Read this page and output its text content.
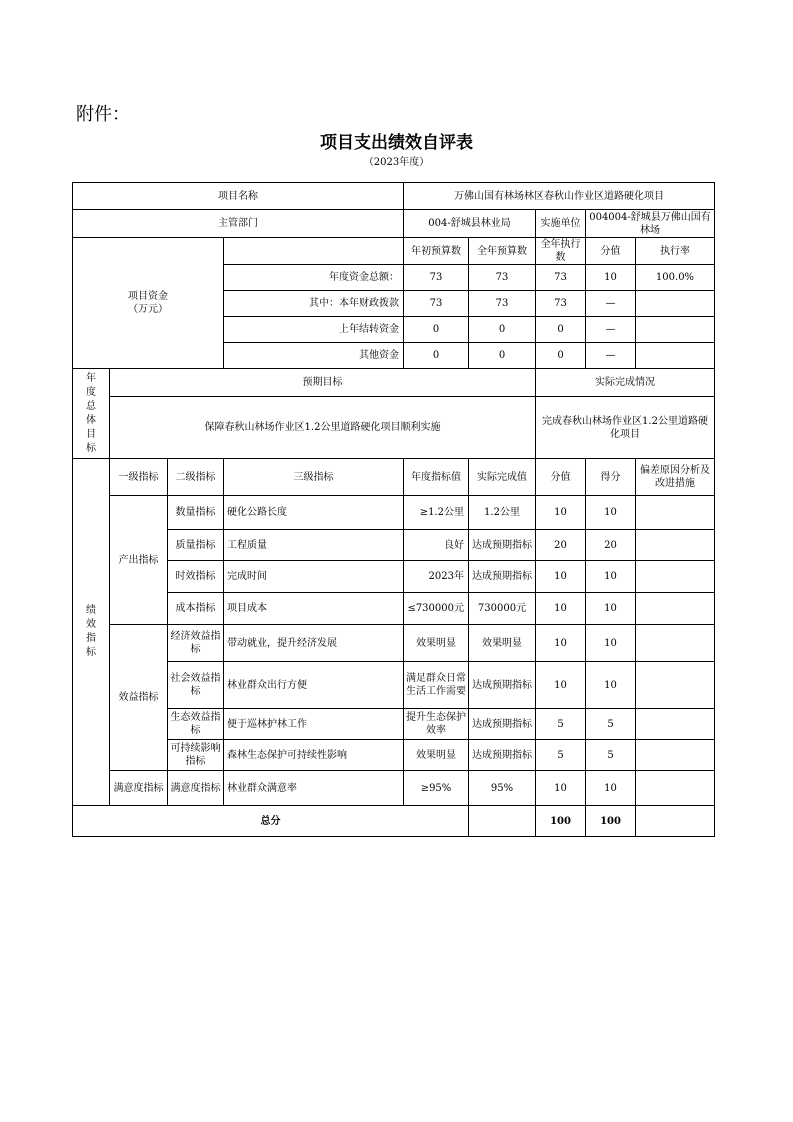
附件：
项目支出绩效自评表
（2023年度）
项目名称				万佛山国有林场林区春秋山作业区道路硬化项目					
主管部门				004-舒城县林业局		实施单位	004004-舒城县万佛山国有林场		
项目资金
（万元）				年初预算数	全年预算数	全年执行数	分值	执行率	
			年度资金总额：	73	73	73	10	100.0%	
			其中：本年财政拨款	73	73	73	—		
			上年结转资金	0	0	0	—		
			其他资金	0	0	0	—		
年度总体目标	预期目标					实际完成情况			
	保障春秋山林场作业区1.2公里道路硬化项目顺利实施					完成春秋山林场作业区1.2公里道路硬化项目			
绩效指标	一级指标	二级指标	三级指标	年度指标值	实际完成值	分值	得分	偏差原因分析及改进措施	
	产出指标	数量指标	硬化公路长度	≥1.2公里	1.2公里	10	10		
		质量指标	工程质量	良好	达成预期指标	20	20		
		时效指标	完成时间	2023年	达成预期指标	10	10		
		成本指标	项目成本	≤730000元	730000元	10	10		
	效益指标	经济效益指标	带动就业，提升经济发展	效果明显	效果明显	10	10		
		社会效益指标	林业群众出行方便	满足群众日常生活工作需要	达成预期指标	10	10		
		生态效益指标	便于巡林护林工作	提升生态保护效率	达成预期指标	5	5		
		可持续影响指标	森林生态保护可持续性影响	效果明显	达成预期指标	5	5		
	满意度指标	满意度指标	林业群众满意率	≥95%	95%	10	10		
总分						100	100		
